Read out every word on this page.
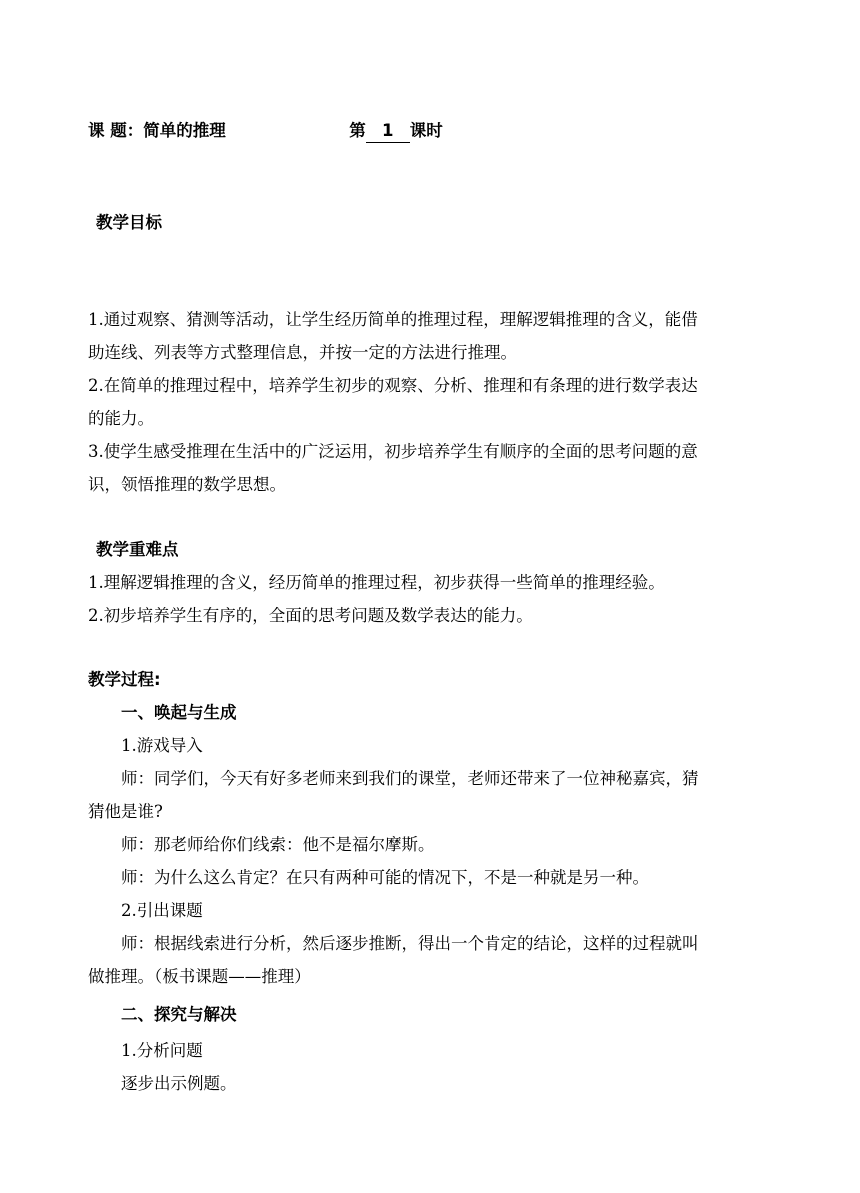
课 题：简单的推理	第 1 课时
教学目标
1.通过观察、猜测等活动，让学生经历简单的推理过程，理解逻辑推理的含义，能借
助连线、列表等方式整理信息，并按一定的方法进行推理。
2.在简单的推理过程中，培养学生初步的观察、分析、推理和有条理的进行数学表达
的能力。
3.使学生感受推理在生活中的广泛运用，初步培养学生有顺序的全面的思考问题的意
识，领悟推理的数学思想。
教学重难点
1.理解逻辑推理的含义，经历简单的推理过程，初步获得一些简单的推理经验。
2.初步培养学生有序的，全面的思考问题及数学表达的能力。
教学过程:
一、唤起与生成
1.游戏导入
师：同学们，今天有好多老师来到我们的课堂，老师还带来了一位神秘嘉宾，猜
猜他是谁?
师：那老师给你们线索：他不是福尔摩斯。
师：为什么这么肯定？在只有两种可能的情况下，不是一种就是另一种。
2.引出课题
师：根据线索进行分析，然后逐步推断，得出一个肯定的结论，这样的过程就叫
做推理。（板书课题——推理）
二、探究与解决
1.分析问题
逐步出示例题。
